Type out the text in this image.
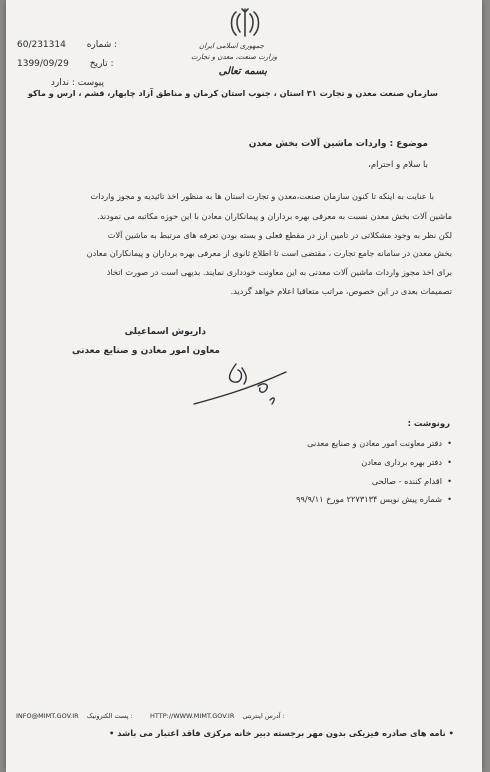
جمهوری اسلامی ایران
وزارت صنعت، معدن و تجارت
بسمه تعالی
60/231314 شماره :
1399/09/29 تاریخ :
پیوست : ندارد
سازمان صنعت معدن و تجارت ۳۱ استان ، جنوب استان کرمان و مناطق آزاد چابهار، قشم ، ارس و ماکو
موضوع : واردات ماشین آلات بخش معدن
با سلام و احترام،
با عنایت به اینکه تا کنون سازمان صنعت،معدن و تجارت استان ها به منظور اخذ تائیدیه و مجوز واردات
ماشین آلات بخش معدن نسبت به معرفی بهره برداران و پیمانکاران معادن با این حوزه مکاتبه می نمودند.
لکن نظر به وجود مشکلاتی در تامین ارز در مقطع فعلی و بسته بودن تعرفه های مرتبط به ماشین آلات
بخش معدن در سامانه جامع تجارت ، مقتضی است تا اطلاع ثانوی از معرفی بهره برداران و پیمانکاران معادن
برای اخذ مجوز واردات ماشین آلات معدنی به این معاونت خودداری نمایند. بدیهی است در صورت اتخاذ
تصمیمات بعدی در این خصوص، مراتب متعاقبا اعلام خواهد گردید.
داریوش اسماعیلی
معاون امور معادن و صنایع معدنی
رونوشت :
• دفتر معاونت امور معادن و صنایع معدنی
• دفتر بهره برداری معادن
• اقدام کننده - صالحی
• شماره پیش نویس ۲۲۷۳۱۳۴ مورخ ۹۹/۹/۱۱
HTTP://WWW.MIMT.GOV.IR آدرس اینترنتی :
INFO@MIMT.GOV.IR پست الکترونیک :
• نامه های صادره فیزیکی بدون مهر برجسته دبیر خانه مرکزی فاقد اعتبار می باشد •
